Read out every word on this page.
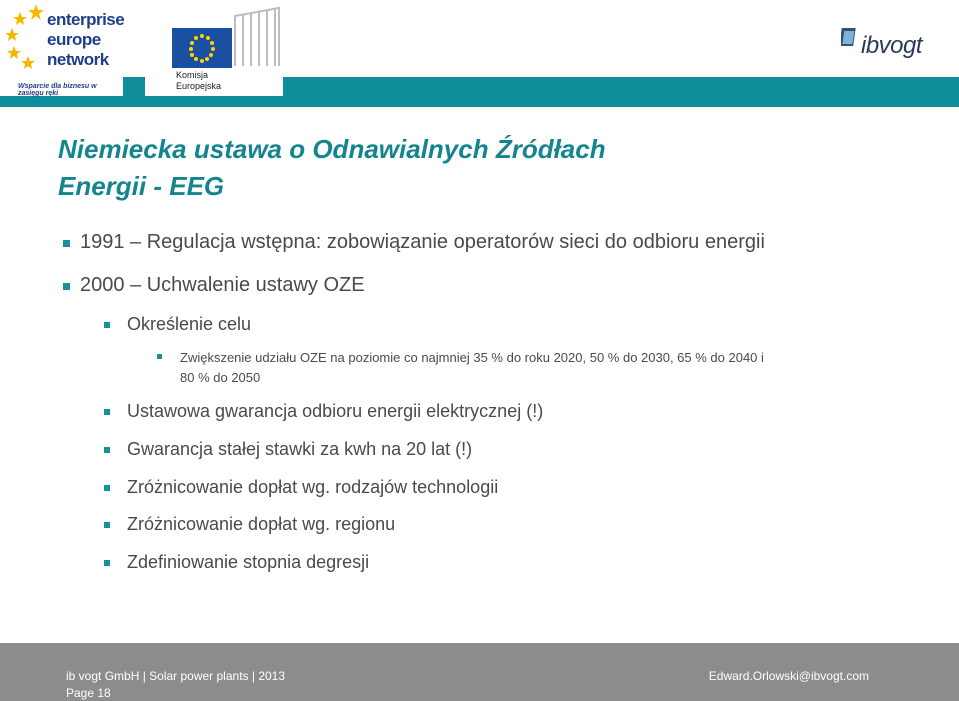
enterprise
europe
network
Wsparcie dla biznesu w zasięgu ręki
Komisja
Europejska
ibvogt
Niemiecka ustawa o Odnawialnych Źródłach
Energii - EEG
1991 – Regulacja wstępna: zobowiązanie operatorów sieci do odbioru energii
2000 – Uchwalenie ustawy OZE
Określenie celu
Zwiększenie udziału OZE na poziomie co najmniej 35 % do roku 2020, 50 % do 2030, 65 % do 2040 i
80 % do 2050
Ustawowa gwarancja odbioru energii elektrycznej (!)
Gwarancja stałej stawki za kwh na 20 lat (!)
Zróżnicowanie dopłat wg. rodzajów technologii
Zróżnicowanie dopłat wg. regionu
Zdefiniowanie stopnia degresji
ib vogt GmbH | Solar power plants | 2013	Edward.Orlowski@ibvogt.com
Page 18
